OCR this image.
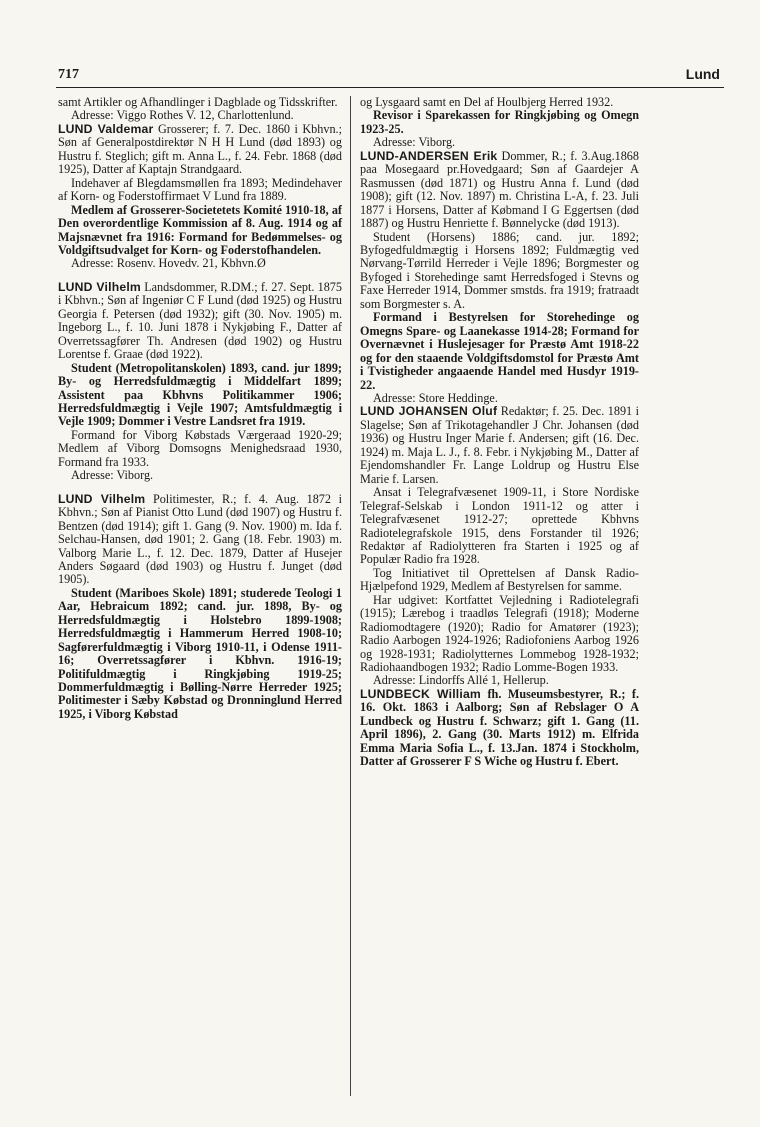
717	Lund

samt Artikler og Afhandlinger i Dagblade og Tidsskrifter.

Adresse: Viggo Rothes V. 12, Charlottenlund.

LUND Valdemar Grosserer; f. 7. Dec. 1860 i Kbhvn.; Søn af Generalpostdirektør N H H Lund (død 1893) og Hustru f. Steglich; gift m. Anna L., f. 24. Febr. 1868 (død 1925), Datter af Kaptajn Strandgaard.

Indehaver af Blegdamsmøllen fra 1893; Medindehaver af Korn- og Foderstoffirmaet V Lund fra 1889.

Medlem af Grosserer-Societetets Komité 1910-18, af Den overordentlige Kommission af 8. Aug. 1914 og af Majsnævnet fra 1916: Formand for Bedømmelses- og Voldgiftsudvalget for Korn- og Foderstofhandelen.

Adresse: Rosenv. Hovedv. 21, Kbhvn.Ø

LUND Vilhelm Landsdommer, R.DM.; f. 27. Sept. 1875 i Kbhvn.; Søn af Ingeniør C F Lund (død 1925) og Hustru Georgia f. Petersen (død 1932); gift (30. Nov. 1905) m. Ingeborg L., f. 10. Juni 1878 i Nykjøbing F., Datter af Overretssagfører Th. Andresen (død 1902) og Hustru Lorentse f. Graae (død 1922).

Student (Metropolitanskolen) 1893, cand. jur 1899; By- og Herredsfuldmægtig i Middelfart 1899; Assistent paa Kbhvns Politikammer 1906; Herredsfuldmægtig i Vejle 1907; Amtsfuldmægtig i Vejle 1909; Dommer i Vestre Landsret fra 1919.

Formand for Viborg Købstads Værgeraad 1920-29; Medlem af Viborg Domsogns Menighedsraad 1930, Formand fra 1933.

Adresse: Viborg.

LUND Vilhelm Politimester, R.; f. 4. Aug. 1872 i Kbhvn.; Søn af Pianist Otto Lund (død 1907) og Hustru f. Bentzen (død 1914); gift 1. Gang (9. Nov. 1900) m. Ida f. Selchau-Hansen, død 1901; 2. Gang (18. Febr. 1903) m. Valborg Marie L., f. 12. Dec. 1879, Datter af Husejer Anders Søgaard (død 1903) og Hustru f. Junget (død 1905).

Student (Mariboes Skole) 1891; studerede Teologi 1 Aar, Hebraicum 1892; cand. jur. 1898, By- og Herredsfuldmægtig i Holstebro 1899-1908; Herredsfuldmægtig i Hammerum Herred 1908-10; Sagførerfuldmægtig i Viborg 1910-11, i Odense 1911-16; Overretssagfører i Kbhvn. 1916-19; Politifuldmægtig i Ringkjøbing 1919-25; Dommerfuldmægtig i Bølling-Nørre Herreder 1925; Politimester i Sæby Købstad og Dronninglund Herred 1925, i Viborg Købstad

og Lysgaard samt en Del af Houlbjerg Herred 1932.

Revisor i Sparekassen for Ringkjøbing og Omegn 1923-25.

Adresse: Viborg.

LUND-ANDERSEN Erik Dommer, R.; f. 3.Aug.1868 paa Mosegaard pr.Hovedgaard; Søn af Gaardejer A Rasmussen (død 1871) og Hustru Anna f. Lund (død 1908); gift (12. Nov. 1897) m. Christina L-A, f. 23. Juli 1877 i Horsens, Datter af Købmand I G Eggertsen (død 1887) og Hustru Henriette f. Bønnelycke (død 1913).

Student (Horsens) 1886; cand. jur. 1892; Byfogedfuldmægtig i Horsens 1892; Fuldmægtig ved Nørvang-Tørrild Herreder i Vejle 1896; Borgmester og Byfoged i Storehedinge samt Herredsfoged i Stevns og Faxe Herreder 1914, Dommer smstds. fra 1919; fratraadt som Borgmester s. A.

Formand i Bestyrelsen for Storehedinge og Omegns Spare- og Laanekasse 1914-28; Formand for Overnævnet i Huslejesager for Præstø Amt 1918-22 og for den staaende Voldgiftsdomstol for Præstø Amt i Tvistigheder angaaende Handel med Husdyr 1919-22.

Adresse: Store Heddinge.

LUND JOHANSEN Oluf Redaktør; f. 25. Dec. 1891 i Slagelse; Søn af Trikotagehandler J Chr. Johansen (død 1936) og Hustru Inger Marie f. Andersen; gift (16. Dec. 1924) m. Maja L. J., f. 8. Febr. i Nykjøbing M., Datter af Ejendomshandler Fr. Lange Loldrup og Hustru Else Marie f. Larsen.

Ansat i Telegrafvæsenet 1909-11, i Store Nordiske Telegraf-Selskab i London 1911-12 og atter i Telegrafvæsenet 1912-27; oprettede Kbhvns Radiotelegrafskole 1915, dens Forstander til 1926; Redaktør af Radiolytteren fra Starten i 1925 og af Populær Radio fra 1928.

Tog Initiativet til Oprettelsen af Dansk Radio-Hjælpefond 1929, Medlem af Bestyrelsen for samme.

Har udgivet: Kortfattet Vejledning i Radiotelegrafi (1915); Lærebog i traadløs Telegrafi (1918); Moderne Radiomodtagere (1920); Radio for Amatører (1923); Radio Aarbogen 1924-1926; Radiofoniens Aarbog 1926 og 1928-1931; Radiolytternes Lommebog 1928-1932; Radiohaandbogen 1932; Radio Lomme-Bogen 1933.

Adresse: Lindorffs Allé 1, Hellerup.

LUNDBECK William fh. Museumsbestyrer, R.; f. 16. Okt. 1863 i Aalborg; Søn af Rebslager O A Lundbeck og Hustru f. Schwarz; gift 1. Gang (11. April 1896), 2. Gang (30. Marts 1912) m. Elfrida Emma Maria Sofia L., f. 13.Jan. 1874 i Stockholm, Datter af Grosserer F S Wiche og Hustru f. Ebert.
